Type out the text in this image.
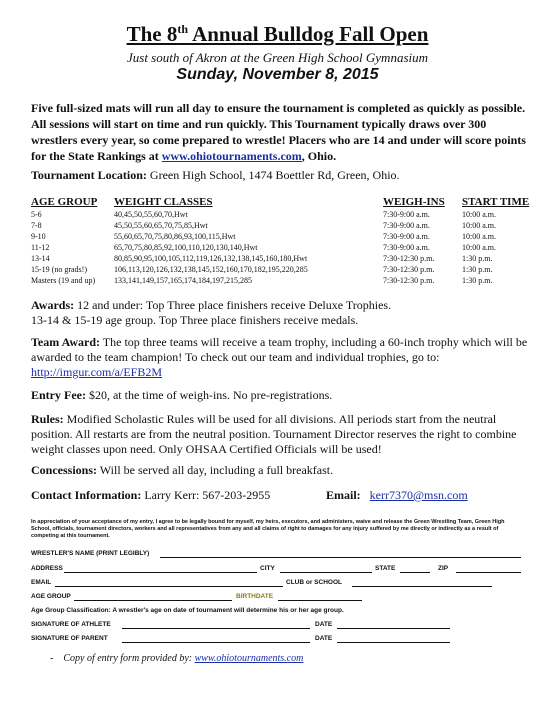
The 8th Annual Bulldog Fall Open
Just south of Akron at the Green High School Gymnasium
Sunday, November 8, 2015
Five full-sized mats will run all day to ensure the tournament is completed as quickly as possible. All sessions will start on time and run quickly. This Tournament typically draws over 300 wrestlers every year, so come prepared to wrestle! Placers who are 14 and under will score points for the State Rankings at www.ohiotournaments.com, Ohio.
Tournament Location: Green High School, 1474 Boettler Rd, Green, Ohio.
AGE GROUP WEIGHT CLASSES	WEIGH-INS START TIME
5-6	40,45,50,55,60,70,Hwt	7:30-9:00 a.m.	10:00 a.m.
7-8	45,50,55,60,65,70,75,85,Hwt	7:30-9:00 a.m.	10:00 a.m.
9-10	55,60,65,70,75,80,86,93,100,115,Hwt	7:30-9:00 a.m.	10:00 a.m.
11-12	65,70,75,80,85,92,100,110,120,130,140,Hwt	7:30-9:00 a.m.	10:00 a.m.
13-14	80,85,90,95,100,105,112,119,126,132,138,145,160,180,Hwt	7:30-12:30 p.m.	1:30 p.m.
15-19 (no grads!)	106,113,120,126,132,138,145,152,160,170,182,195,220,285	7:30-12:30 p.m.	1:30 p.m.
Masters (19 and up) 133,141,149,157,165,174,184,197,215,285	7:30-12:30 p.m.	1:30 p.m.
Awards: 12 and under: Top Three place finishers receive Deluxe Trophies.
13-14 & 15-19 age group. Top Three place finishers receive medals.
Team Award: The top three teams will receive a team trophy, including a 60-inch trophy which will be awarded to the team champion! To check out our team and individual trophies, go to: http://imgur.com/a/EFB2M
Entry Fee: $20, at the time of weigh-ins. No pre-registrations.
Rules: Modified Scholastic Rules will be used for all divisions. All periods start from the neutral position. All restarts are from the neutral position. Tournament Director reserves the right to combine weight classes upon need. Only OHSAA Certified Officials will be used!
Concessions: Will be served all day, including a full breakfast.
Contact Information: Larry Kerr: 567-203-2955	Email: kerr7370@msn.com
In appreciation of your acceptance of my entry, I agree to be legally bound for myself, my heirs, executors, and administers, waive and release the Green Wrestling Team, Green High School, officials, tournament directors, workers and all representatives from any and all claims of right to damages for any injury suffered by me directly or indirectly as a result of competing at this tournament.
WRESTLER'S NAME (PRINT LEGIBLY)
ADDRESS	CITY	STATE	ZIP
EMAIL	CLUB or SCHOOL
AGE GROUP	BIRTHDATE
Age Group Classification: A wrestler's age on date of tournament will determine his or her age group.
SIGNATURE OF ATHLETE	DATE
SIGNATURE OF PARENT	DATE
- Copy of entry form provided by: www.ohiotournaments.com
